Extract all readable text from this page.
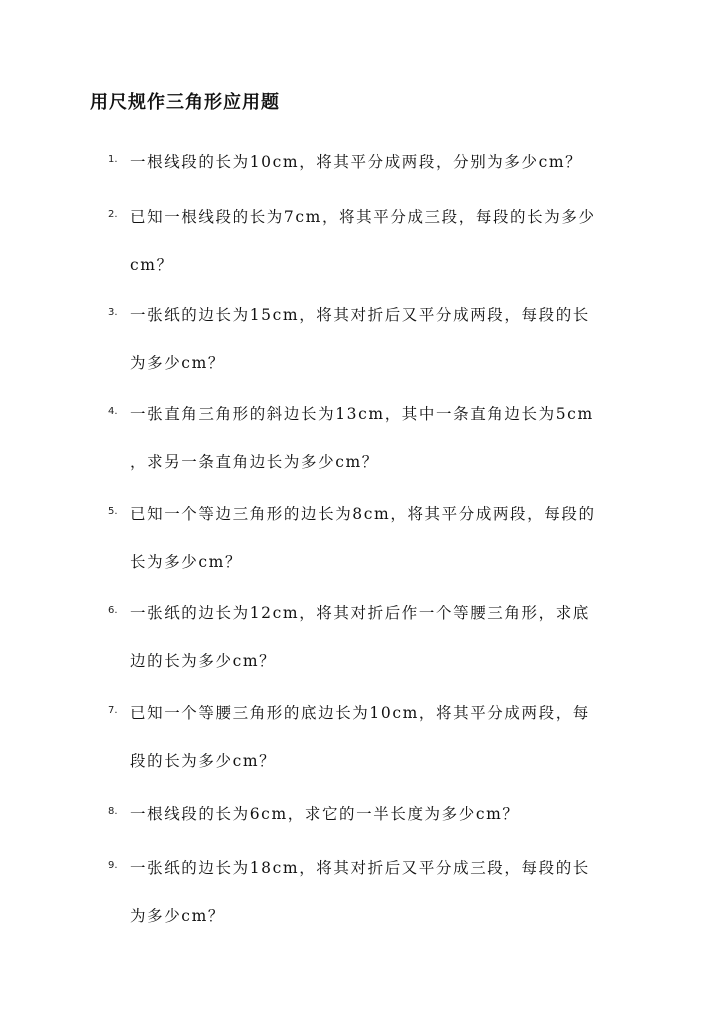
用尺规作三角形应用题
1. 一根线段的长为10cm，将其平分成两段，分别为多少cm？
2. 已知一根线段的长为7cm，将其平分成三段，每段的长为多少
cm？
3. 一张纸的边长为15cm，将其对折后又平分成两段，每段的长
为多少cm？
4. 一张直角三角形的斜边长为13cm，其中一条直角边长为5cm
，求另一条直角边长为多少cm？
5. 已知一个等边三角形的边长为8cm，将其平分成两段，每段的
长为多少cm？
6. 一张纸的边长为12cm，将其对折后作一个等腰三角形，求底
边的长为多少cm？
7. 已知一个等腰三角形的底边长为10cm，将其平分成两段，每
段的长为多少cm？
8. 一根线段的长为6cm，求它的一半长度为多少cm？
9. 一张纸的边长为18cm，将其对折后又平分成三段，每段的长
为多少cm？
